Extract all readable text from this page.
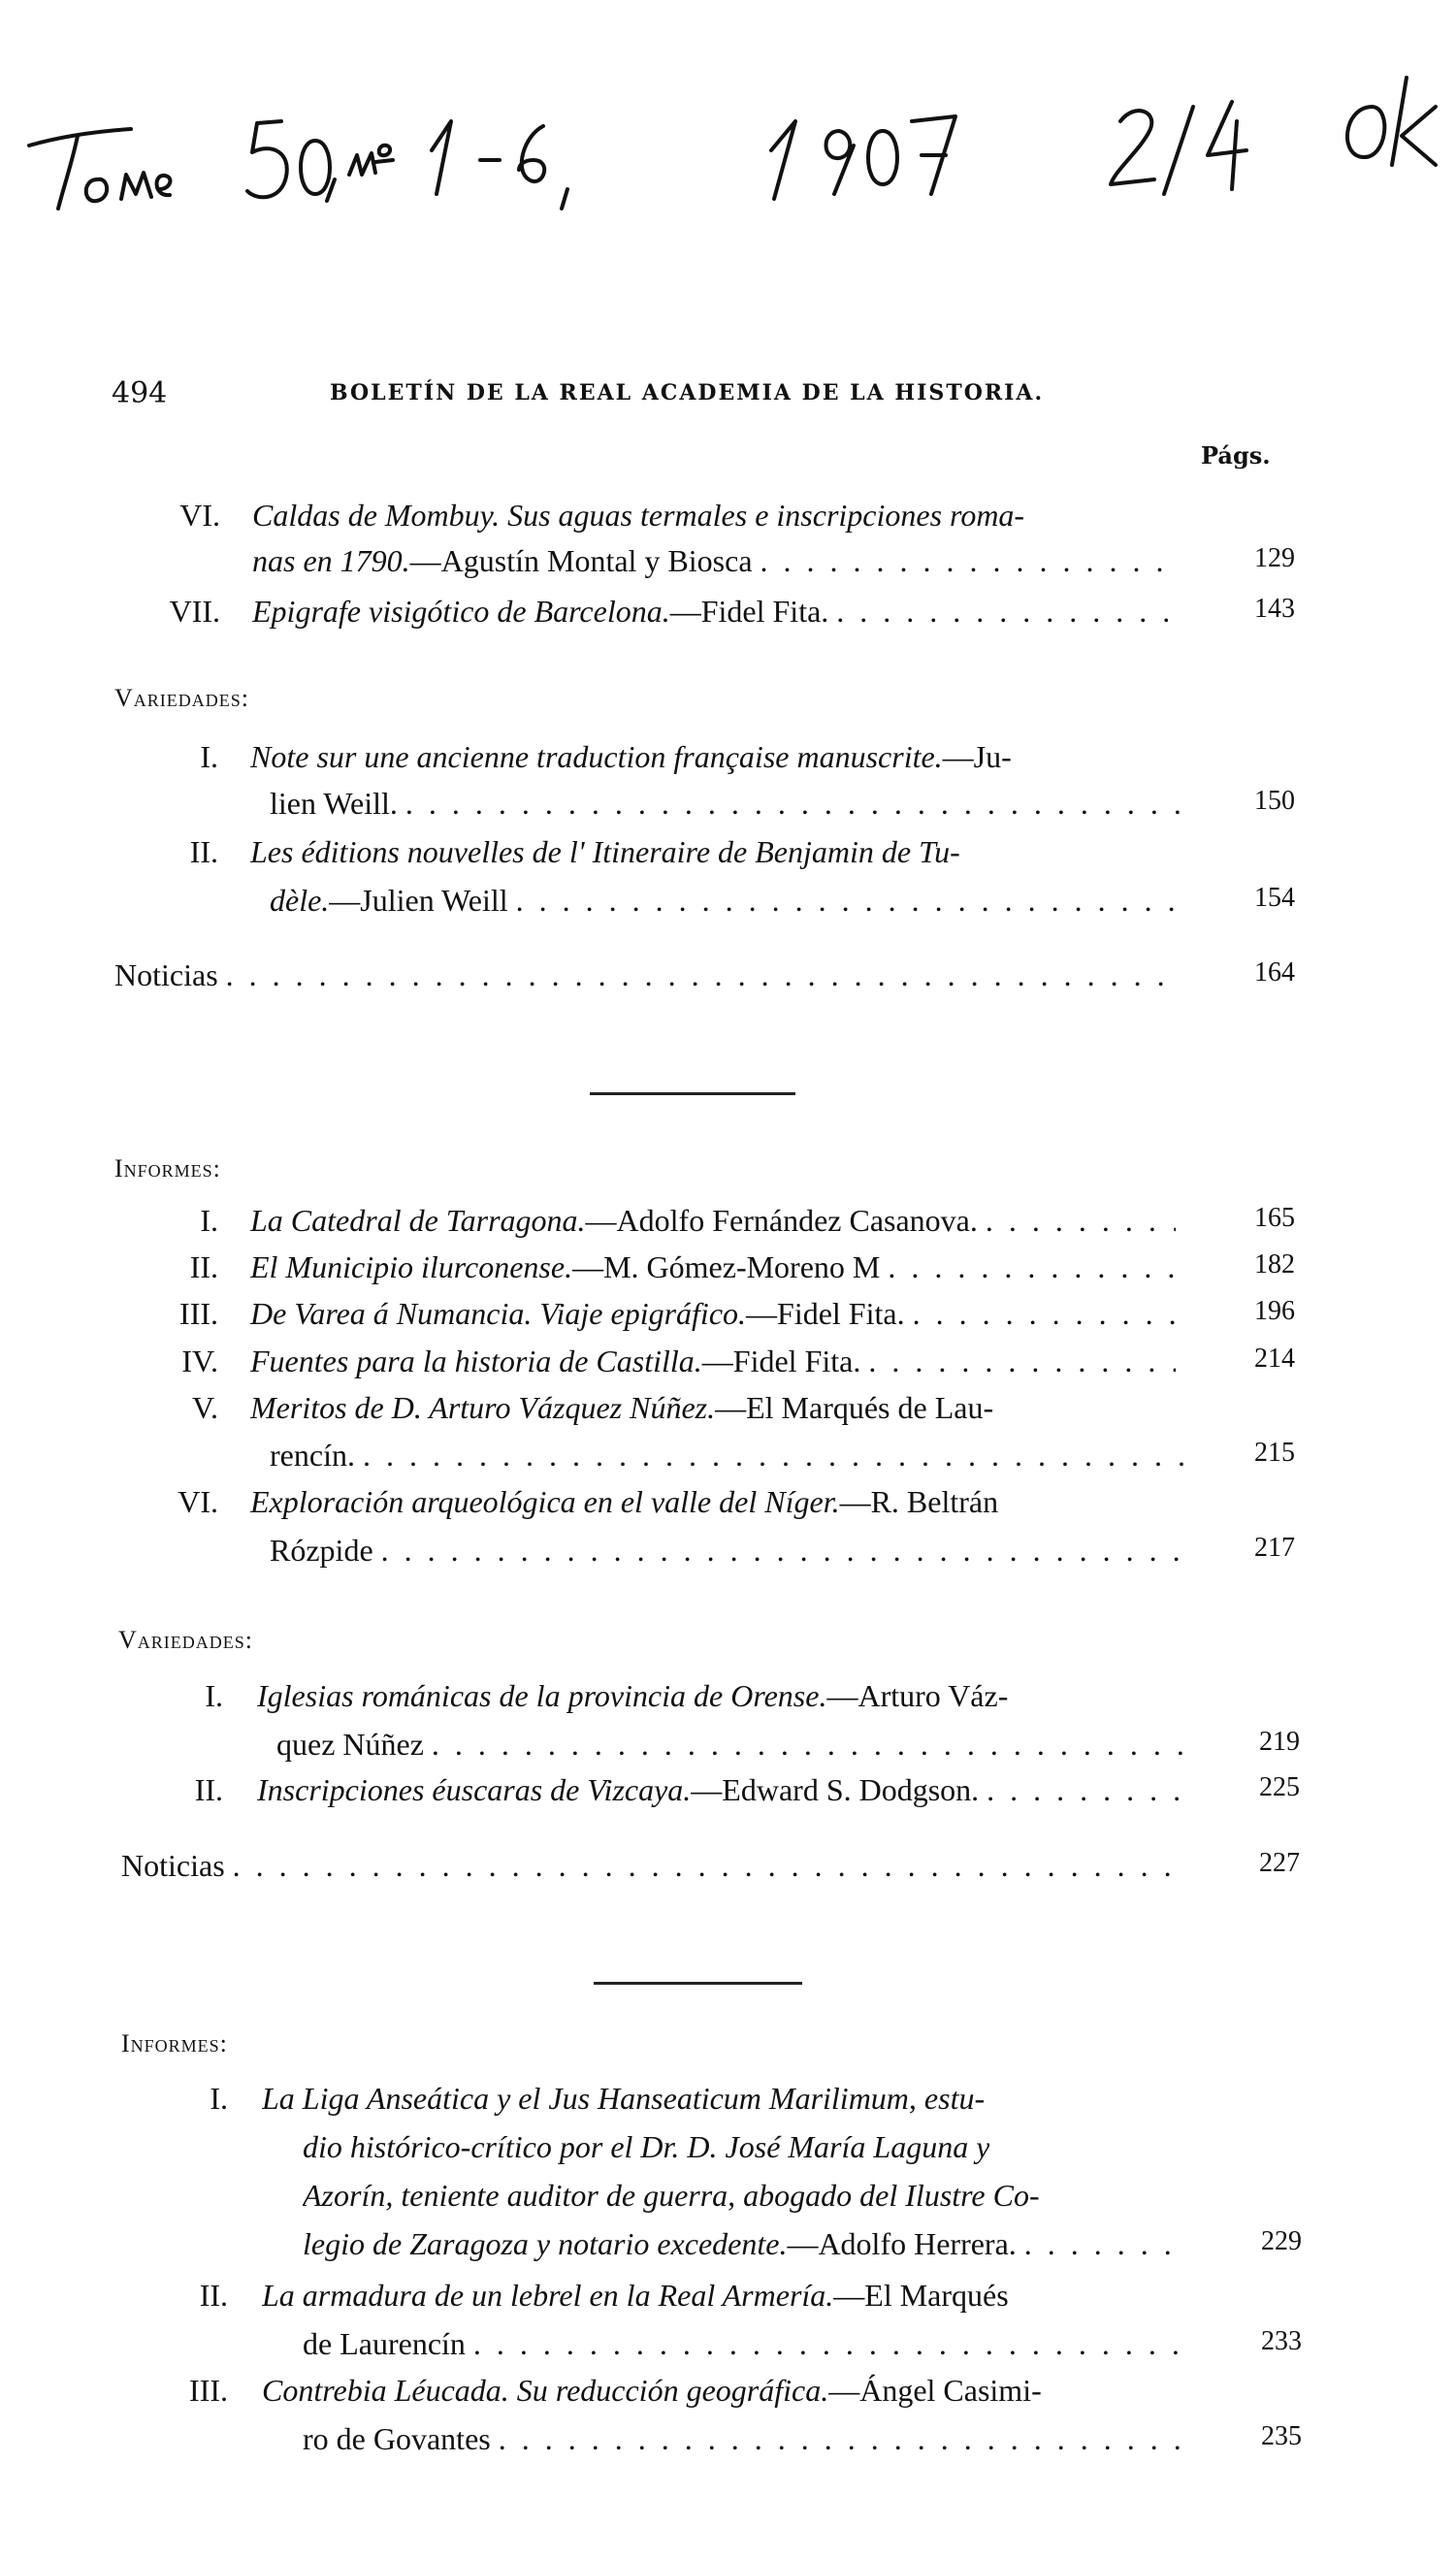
494	BOLETÍN DE LA REAL ACADEMIA DE LA HISTORIA.
Págs.
VI. Caldas de Mombuy. Sus aguas termales e inscripciones roma-
nas en 1790. —Agustín Montal y Biosca . . .	129
VII. Epigrafe visigótico de Barcelona. —Fidel Fita. . . .	143
Variedades:
I. Note sur une ancienne traduction française manuscrite. —Ju-
lien Weill. . . .	150
II. Les éditions nouvelles de l' Itineraire de Benjamin de Tu-
dèle. —Julien Weill . . .	154
Noticias . . .	164
Informes:
I. La Catedral de Tarragona. —Adolfo Fernández Casanova. . . .	165
II. El Municipio ilurconense. —M. Gómez-Moreno M . . .	182
III. De Varea á Numancia. Viaje epigráfico. —Fidel Fita. . . .	196
IV. Fuentes para la historia de Castilla. —Fidel Fita. . . .	214
V. Meritos de D. Arturo Vázquez Núñez. —El Marqués de Lau-
rencín. . . .	215
VI. Exploración arqueológica en el valle del Níger. —R. Beltrán
Rózpide . . .	217
Variedades:
I. Iglesias románicas de la provincia de Orense. —Arturo Váz-
quez Núñez . . .	219
II. Inscripciones éuscaras de Vizcaya. —Edward S. Dodgson. . . .	225
Noticias . . .	227
Informes:
I. La Liga Anseática y el Jus Hanseaticum Marilimum, estu-
dio histórico-crítico por el Dr. D. José María Laguna y
Azorín, teniente auditor de guerra, abogado del Ilustre Co-
legio de Zaragoza y notario excedente. —Adolfo Herrera. . . .	229
II. La armadura de un lebrel en la Real Armería. —El Marqués
de Laurencín . . .	233
III. Contrebia Léucada. Su reducción geográfica. —Ángel Casimi-
ro de Govantes . . .	235
